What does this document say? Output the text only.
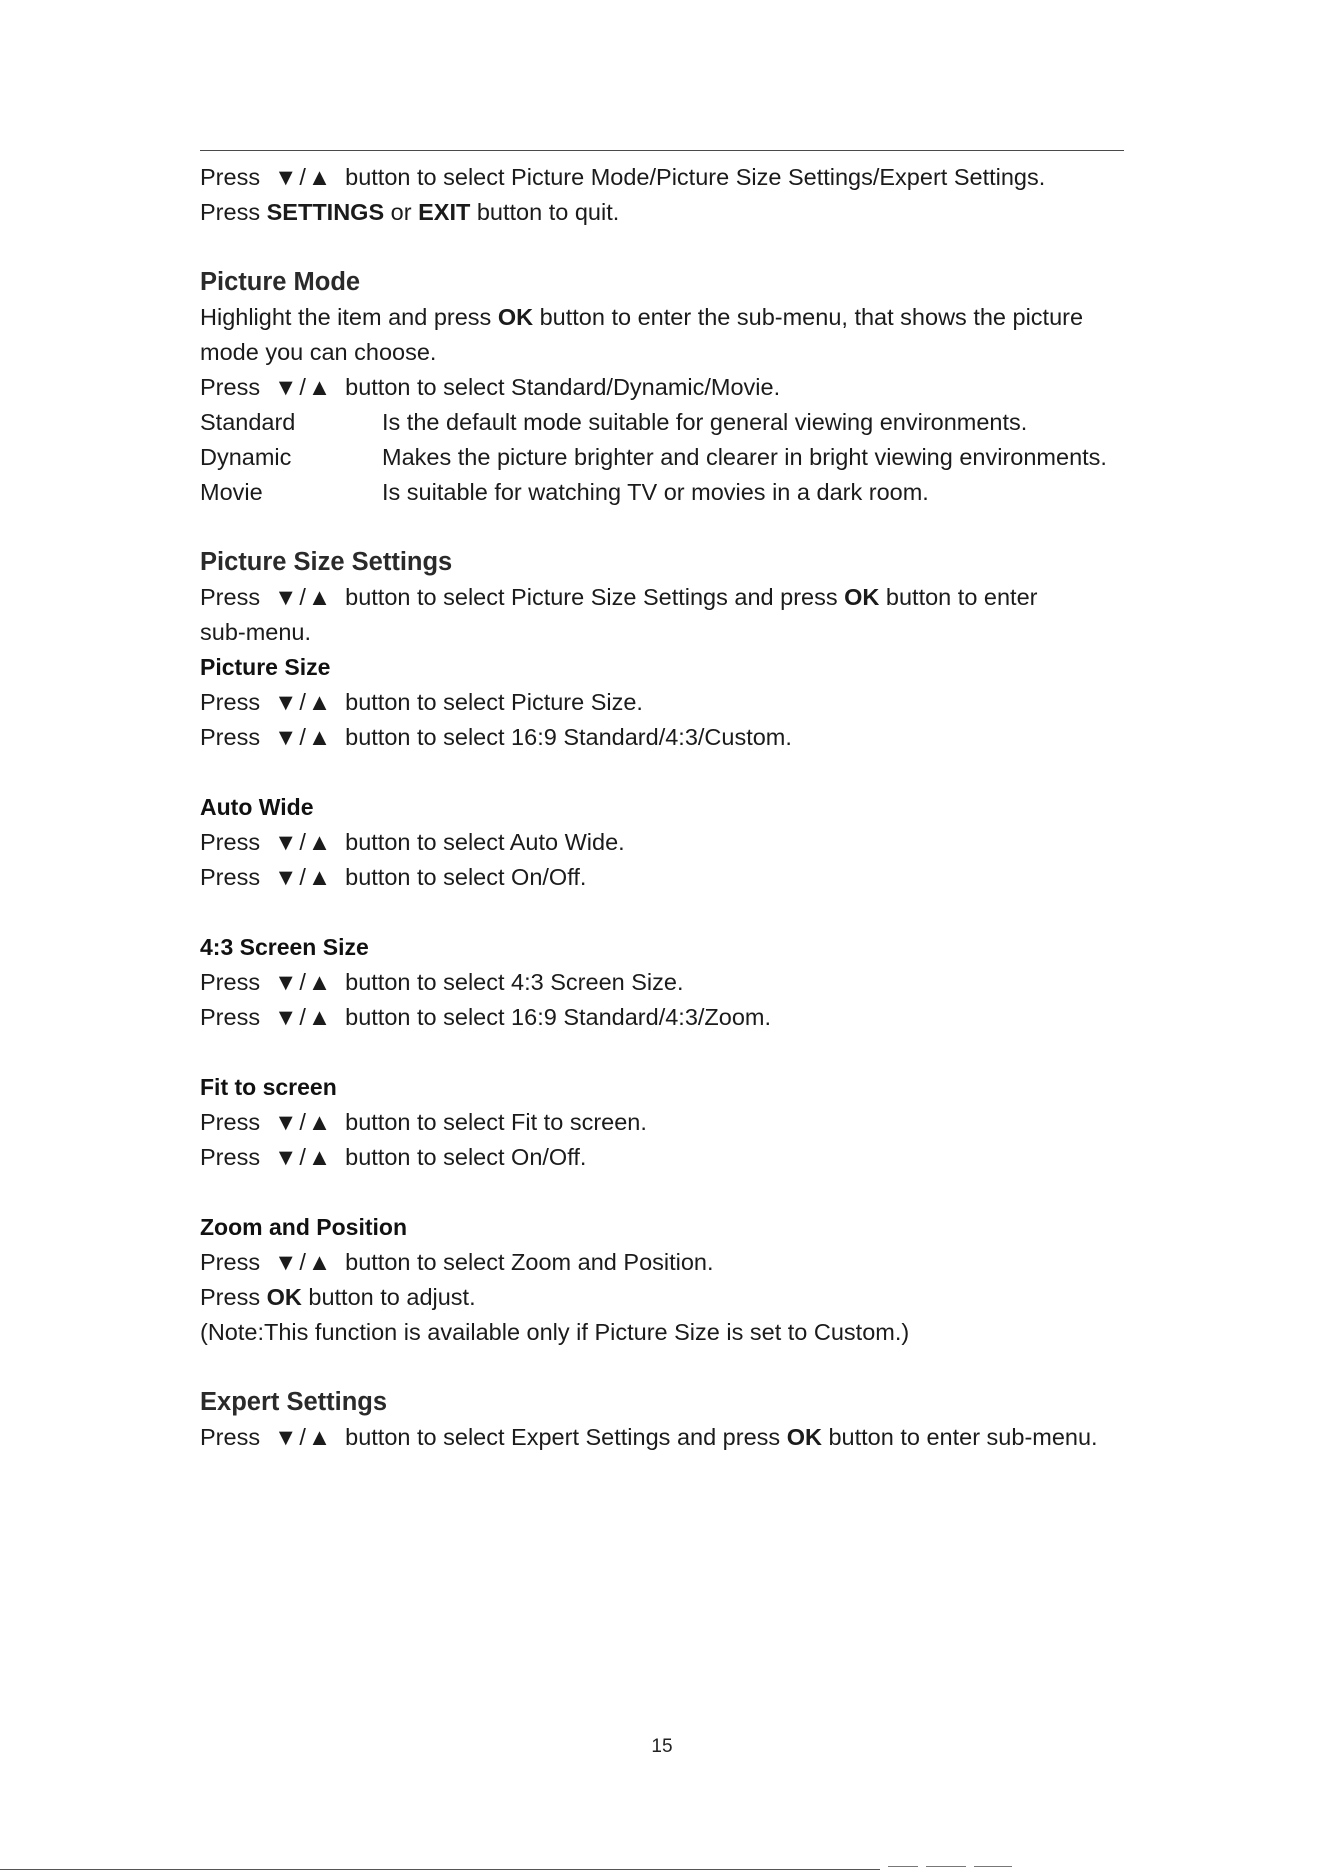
Press ▼/▲ button to select Picture Mode/Picture Size Settings/Expert Settings.
Press SETTINGS or EXIT button to quit.
Picture Mode
Highlight the item and press OK button to enter the sub-menu, that shows the picture
mode you can choose.
Press ▼/▲ button to select Standard/Dynamic/Movie.
Standard	Is the default mode suitable for general viewing environments.
Dynamic	Makes the picture brighter and clearer in bright viewing environments.
Movie	Is suitable for watching TV or movies in a dark room.
Picture Size Settings
Press ▼/▲ button to select Picture Size Settings and press OK button to enter
sub-menu.
Picture Size
Press ▼/▲ button to select Picture Size.
Press ▼/▲ button to select 16:9 Standard/4:3/Custom.
Auto Wide
Press ▼/▲ button to select Auto Wide.
Press ▼/▲ button to select On/Off.
4:3 Screen Size
Press ▼/▲ button to select 4:3 Screen Size.
Press ▼/▲ button to select 16:9 Standard/4:3/Zoom.
Fit to screen
Press ▼/▲ button to select Fit to screen.
Press ▼/▲ button to select On/Off.
Zoom and Position
Press ▼/▲ button to select Zoom and Position.
Press OK button to adjust.
(Note:This function is available only if Picture Size is set to Custom.)
Expert Settings
Press ▼/▲ button to select Expert Settings and press OK button to enter sub-menu.
15
